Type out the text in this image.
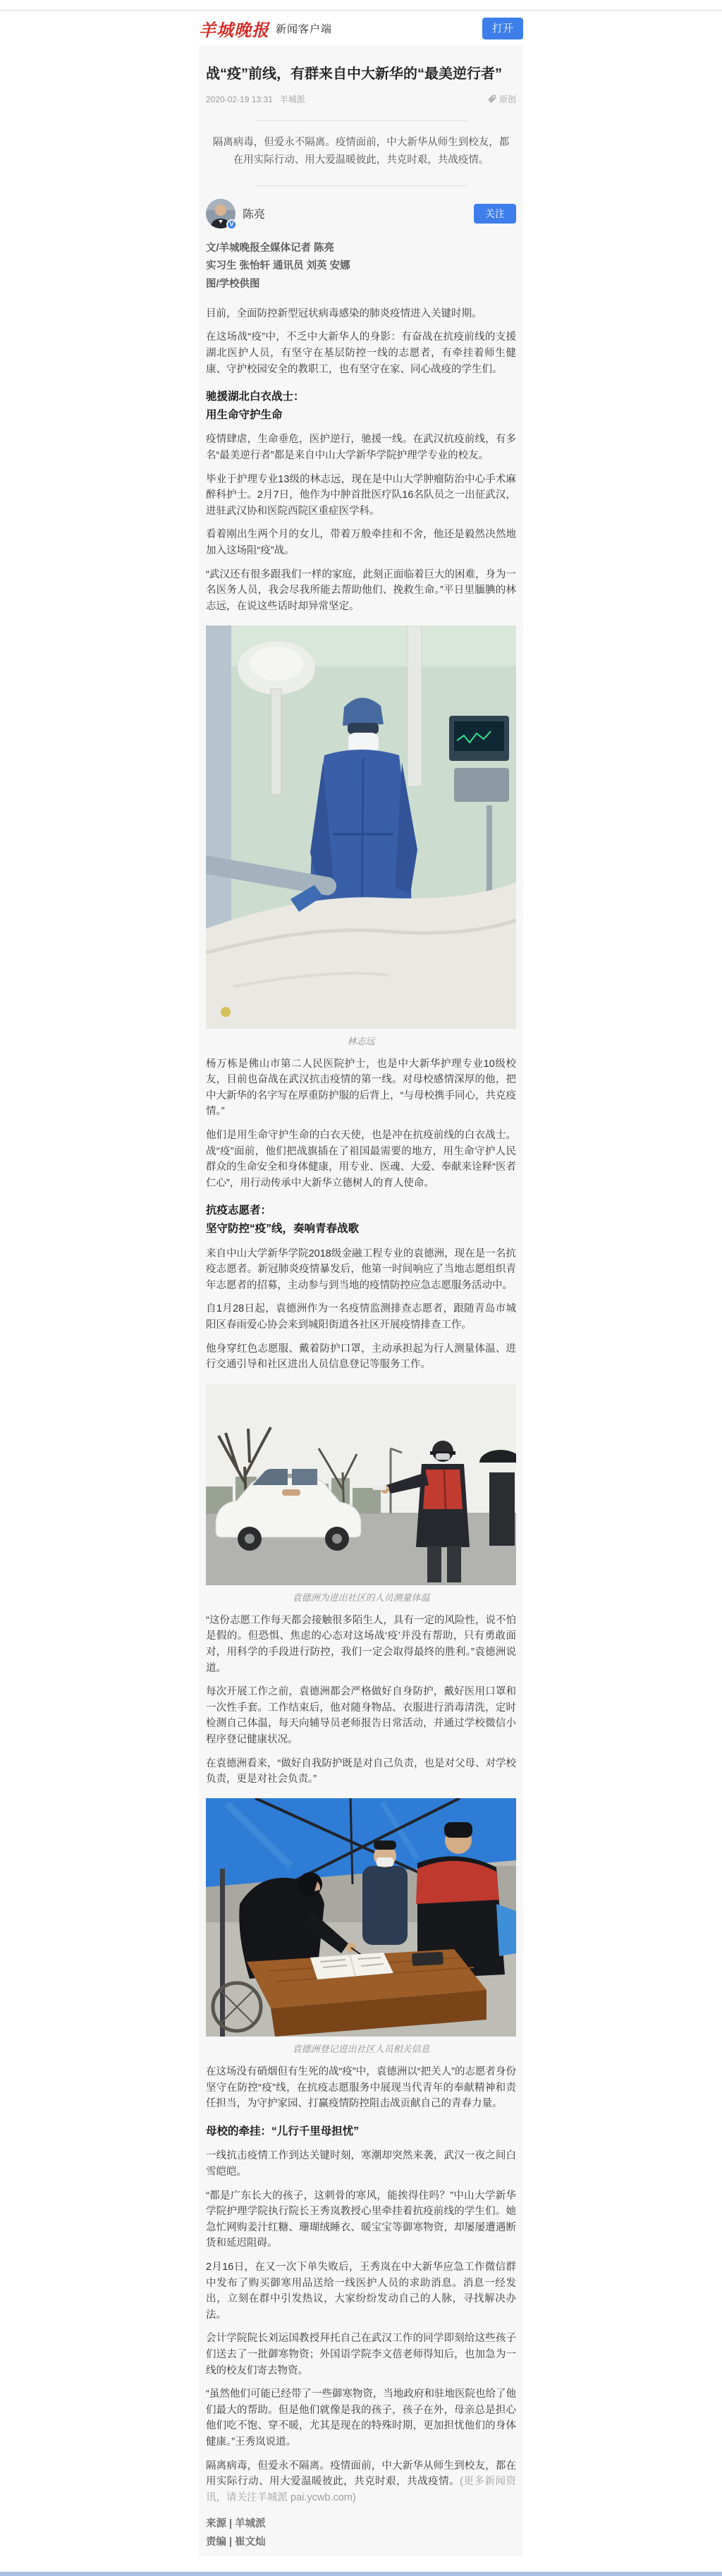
羊城晚报 新闻客户端	打开
战“疫”前线，有群来自中大新华的“最美逆行者”
2020-02-19 13:31 羊城派	原创
隔离病毒，但爱永不隔离。疫情面前，中大新华从师生到校友，都在用实际行动、用大爱温暖彼此，共克时艰，共战疫情。
V
陈亮	关注
文/羊城晚报全媒体记者 陈亮
实习生 张怡轩 通讯员 刘英 安娜
图/学校供图

目前，全面防控新型冠状病毒感染的肺炎疫情进入关键时期。

在这场战“疫”中，不乏中大新华人的身影：有奋战在抗疫前线的支援湖北医护人员，有坚守在基层防控一线的志愿者，有牵挂着师生健康、守护校园安全的教职工，也有坚守在家、同心战疫的学生们。

驰援湖北白衣战士：
用生命守护生命

疫情肆虐，生命垂危，医护逆行，驰援一线。在武汉抗疫前线，有多名“最美逆行者”都是来自中山大学新华学院护理学专业的校友。

毕业于护理专业13级的林志远，现在是中山大学肿瘤防治中心手术麻醉科护士。2月7日，他作为中肿首批医疗队16名队员之一出征武汉，进驻武汉协和医院西院区重症医学科。

看着刚出生两个月的女儿，带着万般牵挂和不舍，他还是毅然决然地加入这场阻“疫”战。

“武汉还有很多跟我们一样的家庭，此刻正面临着巨大的困难，身为一名医务人员，我会尽我所能去帮助他们、挽救生命。”平日里腼腆的林志远，在说这些话时却异常坚定。

林志远

杨万栋是佛山市第二人民医院护士，也是中大新华护理专业10级校友，目前也奋战在武汉抗击疫情的第一线。对母校感情深厚的他，把中大新华的名字写在厚重防护服的后背上，“与母校携手同心，共克疫情。”

他们是用生命守护生命的白衣天使，也是冲在抗疫前线的白衣战士。战“疫”面前，他们把战旗插在了祖国最需要的地方，用生命守护人民群众的生命安全和身体健康，用专业、医魂、大爱、奉献来诠释“医者仁心”，用行动传承中大新华立德树人的育人使命。

抗疫志愿者：
坚守防控“疫”线，奏响青春战歌

来自中山大学新华学院2018级金融工程专业的袁德洲，现在是一名抗疫志愿者。新冠肺炎疫情暴发后，他第一时间响应了当地志愿组织青年志愿者的招募，主动参与到当地的疫情防控应急志愿服务活动中。

自1月28日起，袁德洲作为一名疫情监测排查志愿者，跟随青岛市城阳区春雨爱心协会来到城阳街道各社区开展疫情排查工作。

他身穿红色志愿服、戴着防护口罩，主动承担起为行人测量体温、进行交通引导和社区进出人员信息登记等服务工作。

袁德洲为进出社区的人员测量体温

“这份志愿工作每天都会接触很多陌生人，具有一定的风险性，说不怕是假的。但恐惧、焦虑的心态对这场战‘疫’并没有帮助，只有勇敢面对，用科学的手段进行防控，我们一定会取得最终的胜利。”袁德洲说道。

每次开展工作之前，袁德洲都会严格做好自身防护，戴好医用口罩和一次性手套。工作结束后，他对随身物品、衣服进行消毒清洗，定时检测自己体温，每天向辅导员老师报告日常活动，并通过学校微信小程序登记健康状况。

在袁德洲看来，“做好自我防护既是对自己负责，也是对父母、对学校负责，更是对社会负责。”

袁德洲登记进出社区人员相关信息

在这场没有硝烟但有生死的战“疫”中，袁德洲以“把关人”的志愿者身份坚守在防控“疫”线，在抗疫志愿服务中展现当代青年的奉献精神和责任担当，为守护家园、打赢疫情防控阻击战贡献自己的青春力量。

母校的牵挂：“儿行千里母担忧”

一线抗击疫情工作到达关键时刻，寒潮却突然来袭，武汉一夜之间白雪皑皑。

“都是广东长大的孩子，这刺骨的寒风，能挨得住吗？”中山大学新华学院护理学院执行院长王秀岚教授心里牵挂着抗疫前线的学生们。她急忙网购姜汁红糖、珊瑚绒睡衣、暖宝宝等御寒物资，却屡屡遭遇断货和延迟阻碍。

2月16日，在又一次下单失败后，王秀岚在中大新华应急工作微信群中发布了购买御寒用品送给一线医护人员的求助消息。消息一经发出，立刻在群中引发热议，大家纷纷发动自己的人脉，寻找解决办法。

会计学院院长刘运国教授拜托自己在武汉工作的同学即刻给这些孩子们送去了一批御寒物资；外国语学院李文蓓老师得知后，也加急为一线的校友们寄去物资。

“虽然他们可能已经带了一些御寒物资，当地政府和驻地医院也给了他们最大的帮助。但是他们就像是我的孩子，孩子在外，母亲总是担心他们吃不饱、穿不暖，尤其是现在的特殊时期，更加担忧他们的身体健康。”王秀岚说道。

隔离病毒，但爱永不隔离。疫情面前，中大新华从师生到校友，都在用实际行动、用大爱温暖彼此，共克时艰，共战疫情。(更多新闻资讯，请关注羊城派 pai.ycwb.com)

来源 | 羊城派
责编 | 崔文灿
